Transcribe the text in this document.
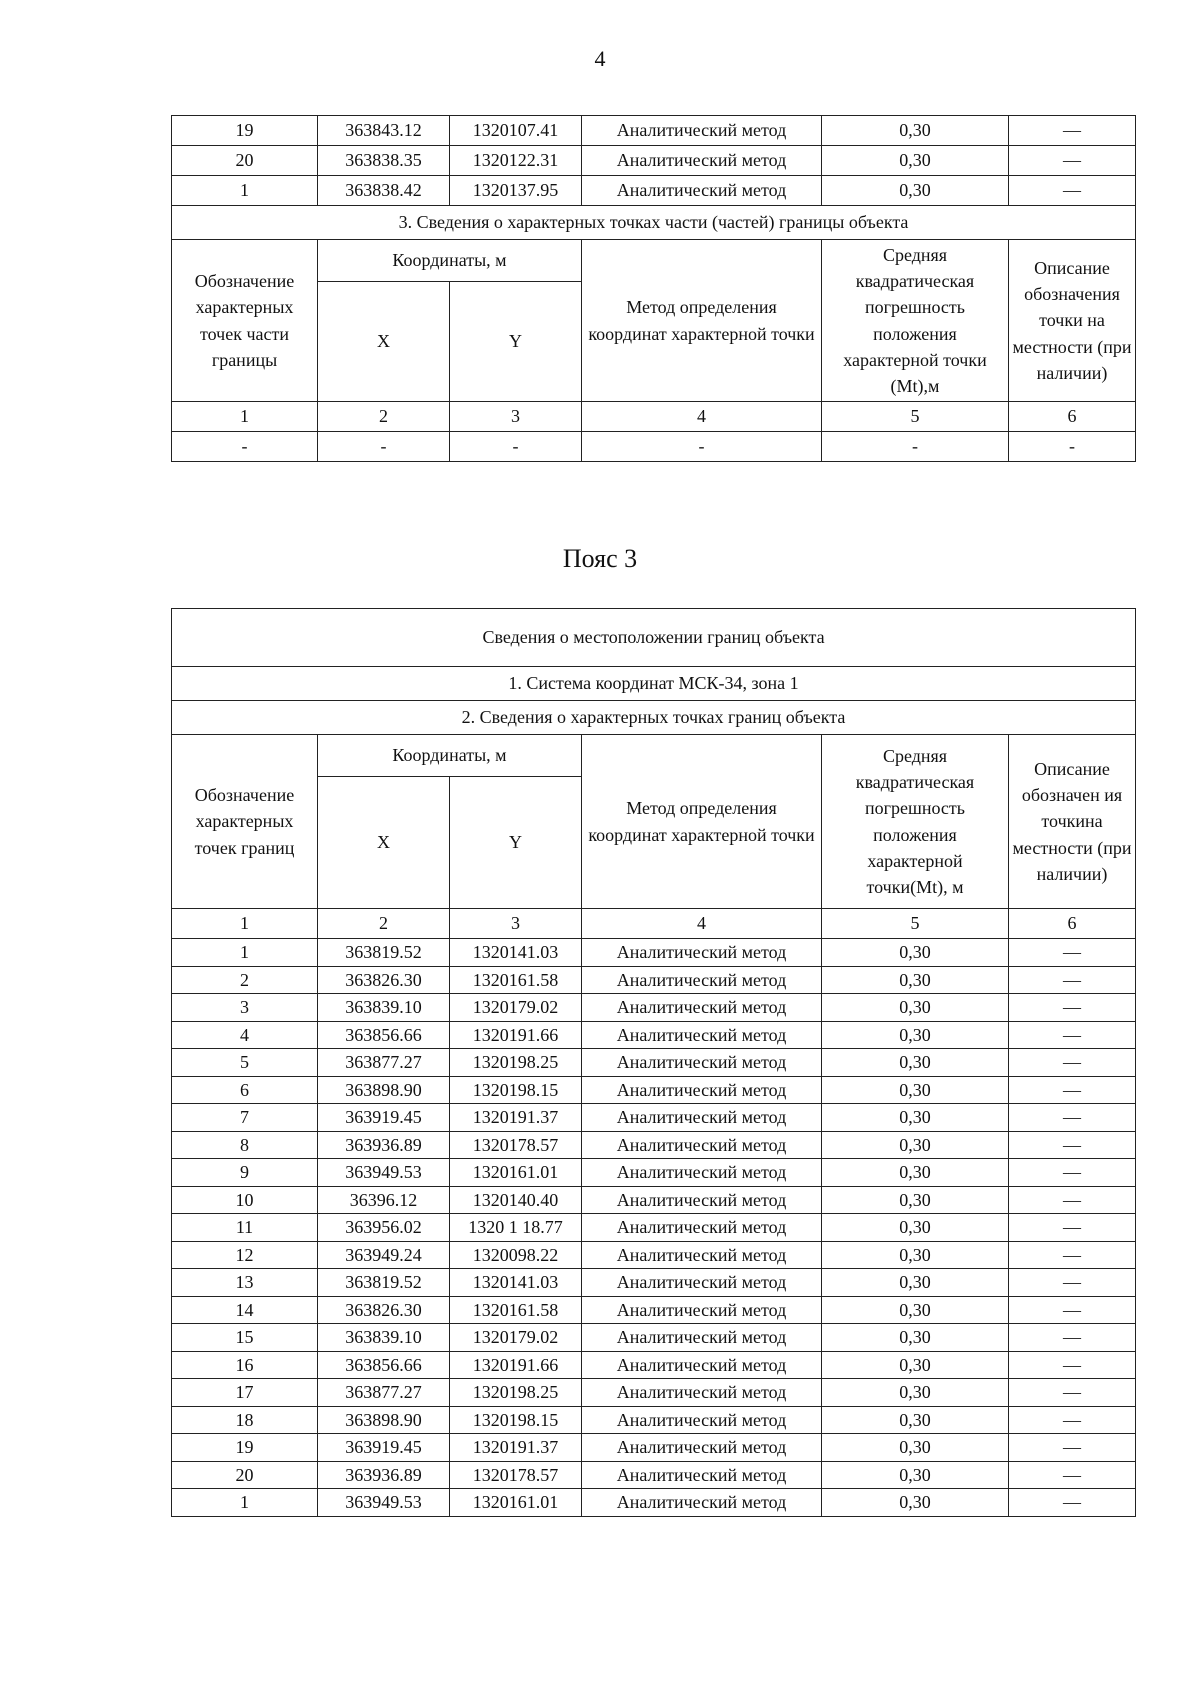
4
19	363843.12	1320107.41	Аналитический метод	0,30	—
20	363838.35	1320122.31	Аналитический метод	0,30	—
1	363838.42	1320137.95	Аналитический метод	0,30	—
3. Сведения о характерных точках части (частей) границы объекта					
Обозначение характерных точек части границы	Координаты, м		Метод определения координат характерной точки	Средняя квадратическая погрешность положения характерной точки (Mt),м	Описание обозначения точки на местности (при наличии)
	X	Y			
1	2	3	4	5	6
-	-	-	-	-	-
Пояс 3
Сведения о местоположении границ объекта					
1. Система координат МСК-34, зона 1					
2. Сведения о характерных точках границ объекта					
Обозначение характерных точек границ	Координаты, м		Метод определения координат характерной точки	Средняя квадратическая погрешность положения характерной точки(Mt), м	Описание обозначен ия точкина местности (при наличии)
	X	Y			
1	2	3	4	5	6
1	363819.52	1320141.03	Аналитический метод	0,30	—
2	363826.30	1320161.58	Аналитический метод	0,30	—
3	363839.10	1320179.02	Аналитический метод	0,30	—
4	363856.66	1320191.66	Аналитический метод	0,30	—
5	363877.27	1320198.25	Аналитический метод	0,30	—
6	363898.90	1320198.15	Аналитический метод	0,30	—
7	363919.45	1320191.37	Аналитический метод	0,30	—
8	363936.89	1320178.57	Аналитический метод	0,30	—
9	363949.53	1320161.01	Аналитический метод	0,30	—
10	36396.12	1320140.40	Аналитический метод	0,30	—
11	363956.02	1320 1 18.77	Аналитический метод	0,30	—
12	363949.24	1320098.22	Аналитический метод	0,30	—
13	363819.52	1320141.03	Аналитический метод	0,30	—
14	363826.30	1320161.58	Аналитический метод	0,30	—
15	363839.10	1320179.02	Аналитический метод	0,30	—
16	363856.66	1320191.66	Аналитический метод	0,30	—
17	363877.27	1320198.25	Аналитический метод	0,30	—
18	363898.90	1320198.15	Аналитический метод	0,30	—
19	363919.45	1320191.37	Аналитический метод	0,30	—
20	363936.89	1320178.57	Аналитический метод	0,30	—
1	363949.53	1320161.01	Аналитический метод	0,30	—
